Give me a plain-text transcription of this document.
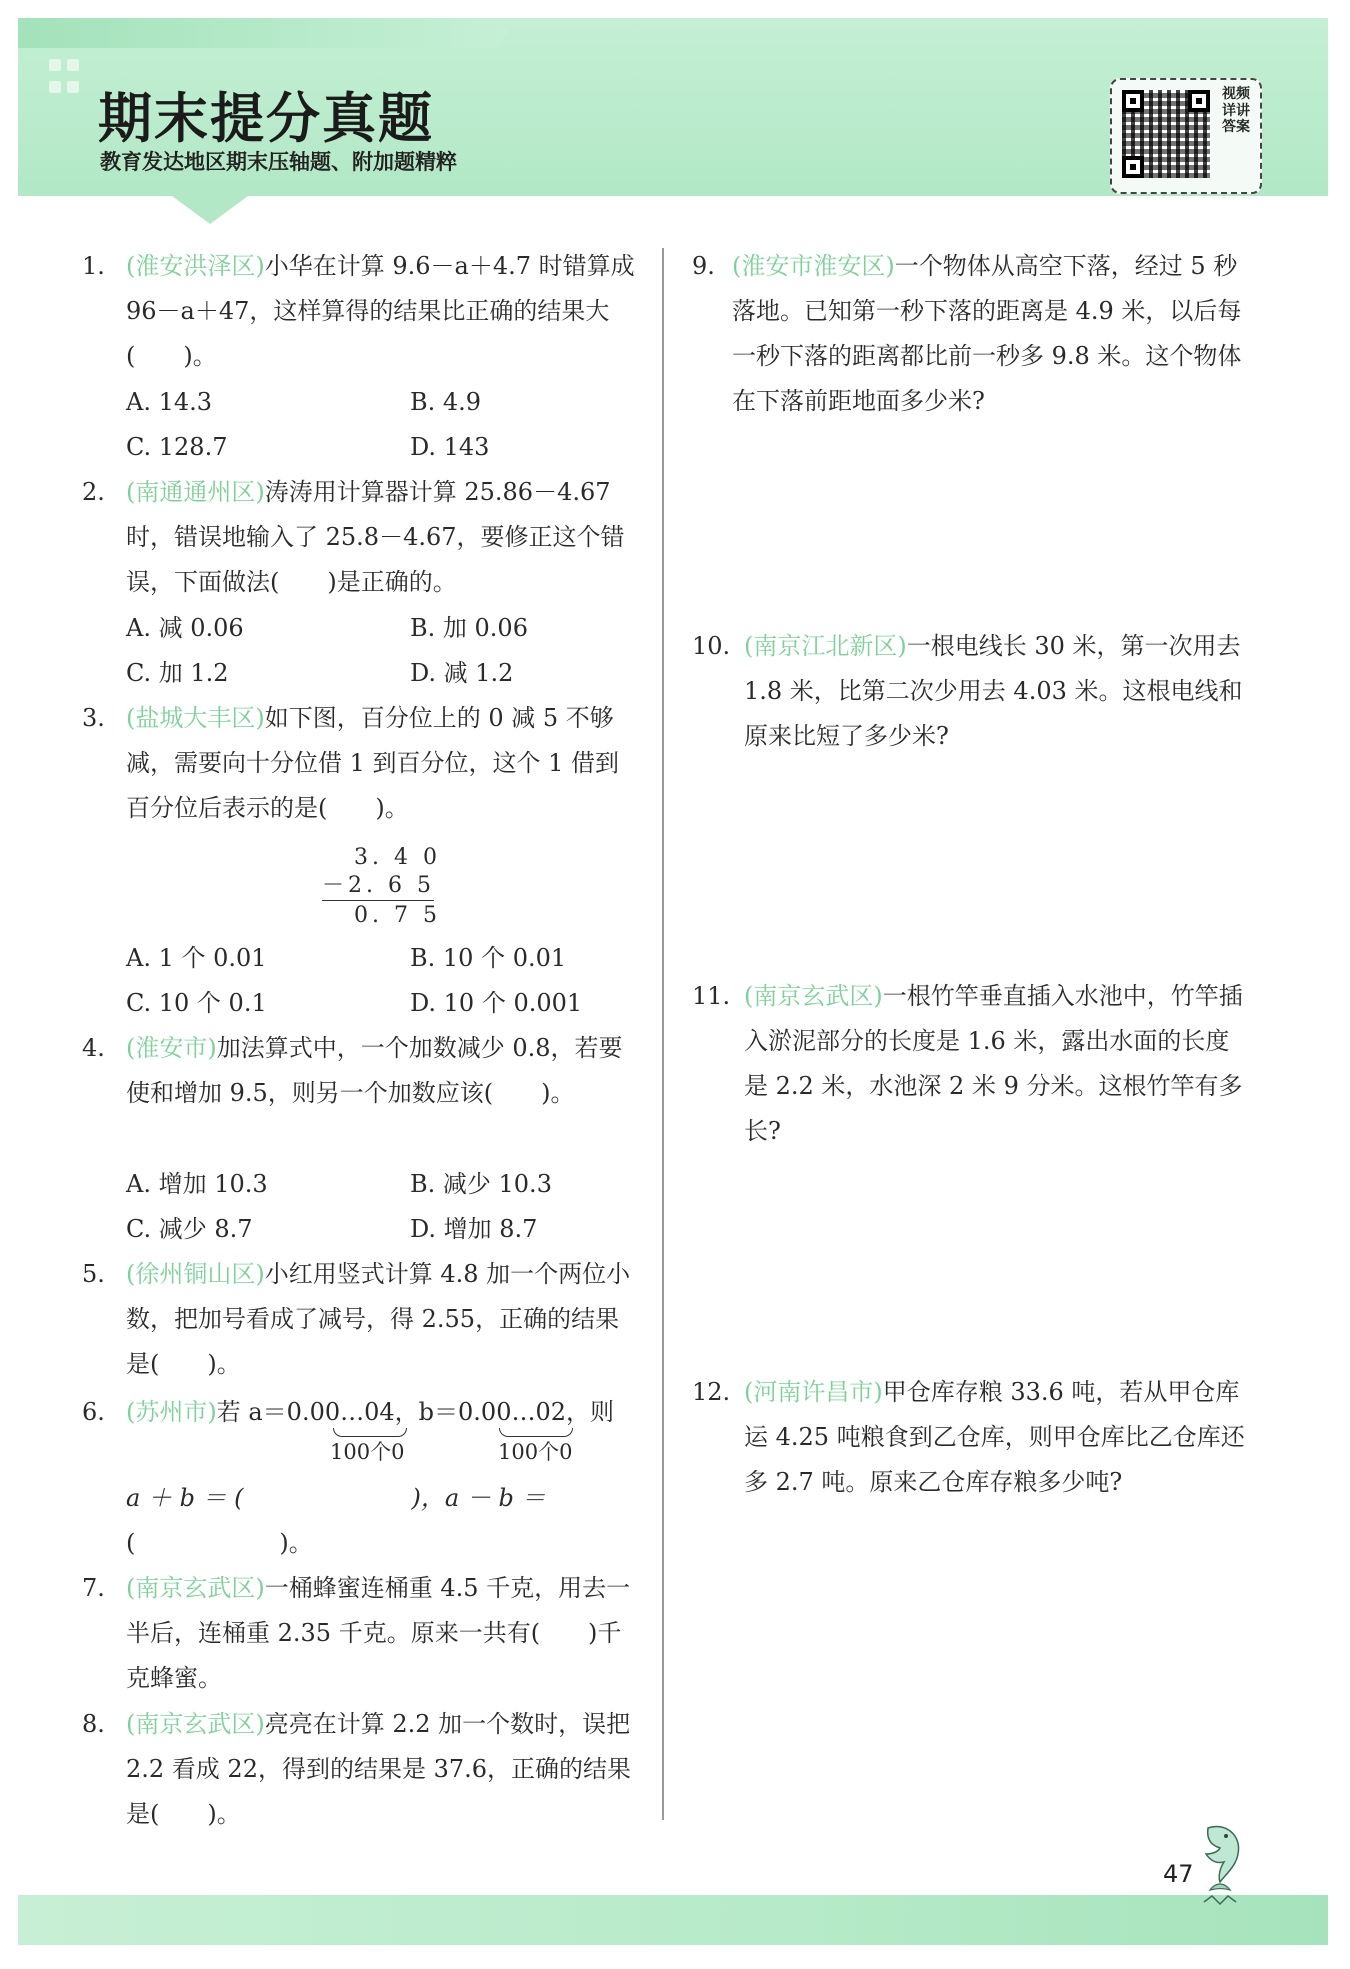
期末提分真题
教育发达地区期末压轴题、附加题精粹
视频详讲答案
1. (淮安洪泽区)小华在计算 9.6－a＋4.7 时错算成 96－a＋47，这样算得的结果比正确的结果大(　　)。
A. 14.3	B. 4.9
C. 128.7	D. 143
2. (南通通州区)涛涛用计算器计算 25.86－4.67 时，错误地输入了 25.8－4.67，要修正这个错误，下面做法(　　)是正确的。
A. 减 0.06	B. 加 0.06
C. 加 1.2	D. 减 1.2
3. (盐城大丰区)如下图，百分位上的 0 减 5 不够减，需要向十分位借 1 到百分位，这个 1 借到百分位后表示的是(　　)。
3. 4 0
－2. 6 5
0. 7 5
A. 1 个 0.01	B. 10 个 0.01
C. 10 个 0.1	D. 10 个 0.001
4. (淮安市)加法算式中，一个加数减少 0.8，若要使和增加 9.5，则另一个加数应该(　　)。
A. 增加 10.3	B. 减少 10.3
C. 减少 8.7	D. 增加 8.7
5. (徐州铜山区)小红用竖式计算 4.8 加一个两位小数，把加号看成了减号，得 2.55，正确的结果是(　　)。
6. (苏州市)若 a＝0.00…04，b＝0.00…02，则
100个0	100个0
a ＋ b ＝ (　　　　　　　)，a － b ＝
(　　　　　　)。
7. (南京玄武区)一桶蜂蜜连桶重 4.5 千克，用去一半后，连桶重 2.35 千克。原来一共有(　　)千克蜂蜜。
8. (南京玄武区)亮亮在计算 2.2 加一个数时，误把 2.2 看成 22，得到的结果是 37.6，正确的结果是(　　)。
9. (淮安市淮安区)一个物体从高空下落，经过 5 秒落地。已知第一秒下落的距离是 4.9 米，以后每一秒下落的距离都比前一秒多 9.8 米。这个物体在下落前距地面多少米?
10. (南京江北新区)一根电线长 30 米，第一次用去 1.8 米，比第二次少用去 4.03 米。这根电线和原来比短了多少米?
11. (南京玄武区)一根竹竿垂直插入水池中，竹竿插入淤泥部分的长度是 1.6 米，露出水面的长度是 2.2 米，水池深 2 米 9 分米。这根竹竿有多长?
12. (河南许昌市)甲仓库存粮 33.6 吨，若从甲仓库运 4.25 吨粮食到乙仓库，则甲仓库比乙仓库还多 2.7 吨。原来乙仓库存粮多少吨?
47
